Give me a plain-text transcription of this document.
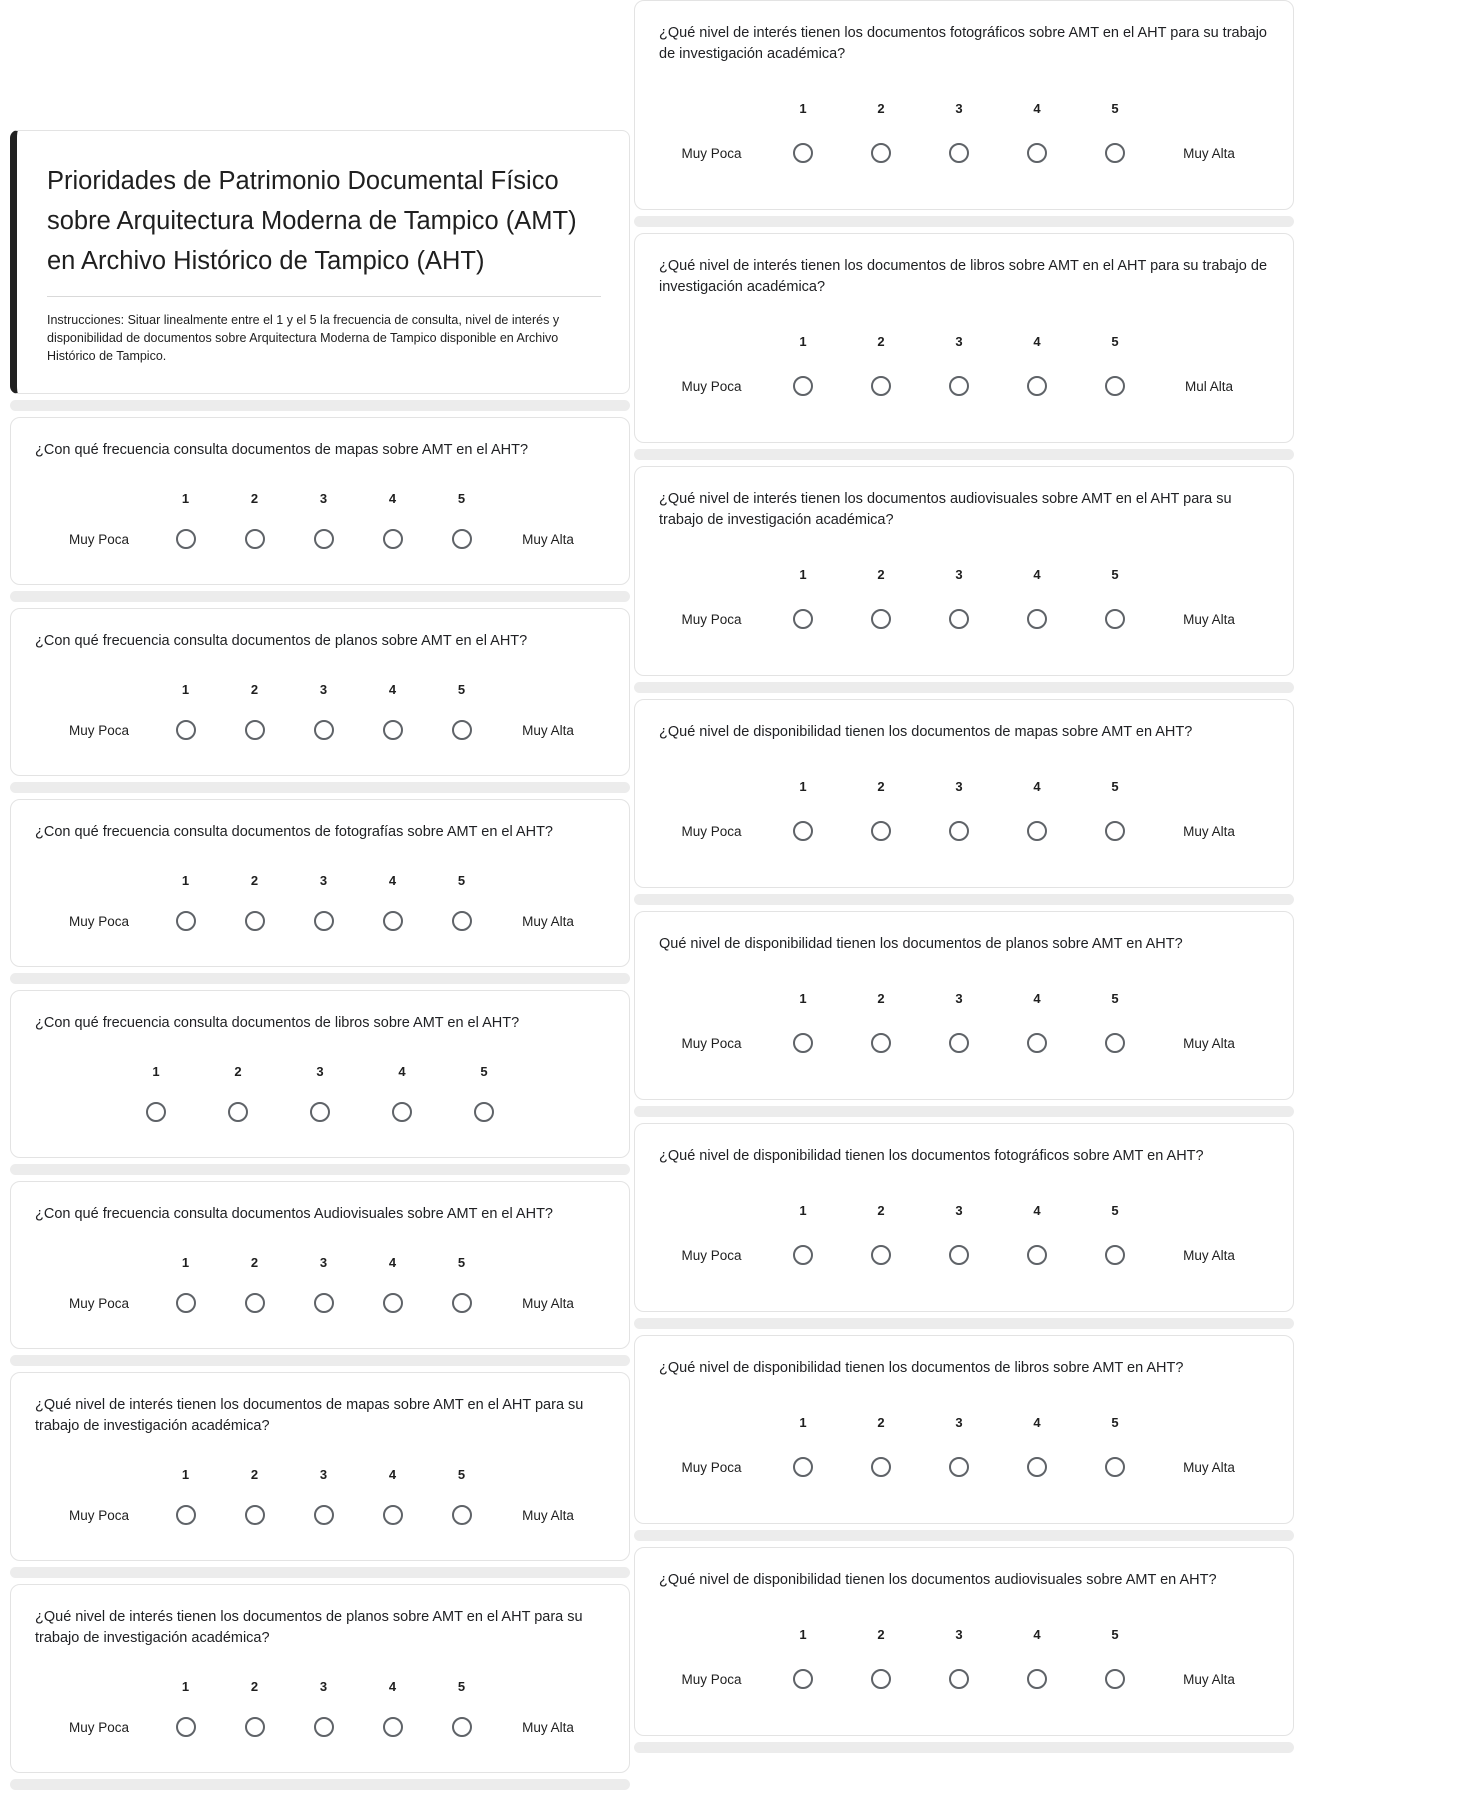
Prioridades de Patrimonio Documental Físico
sobre Arquitectura Moderna de Tampico (AMT)
en Archivo Histórico de Tampico (AHT)

Instrucciones: Situar linealmente entre el 1 y el 5 la frecuencia de consulta, nivel de interés y disponibilidad de documentos sobre Arquitectura Moderna de Tampico disponible en Archivo Histórico de Tampico.

¿Con qué frecuencia consulta documentos de mapas sobre AMT en el AHT?
1	2	3	4	5
Muy Poca	Muy Alta
¿Con qué frecuencia consulta documentos de planos sobre AMT en el AHT?
1	2	3	4	5
Muy Poca	Muy Alta
¿Con qué frecuencia consulta documentos de fotografías sobre AMT en el AHT?
1	2	3	4	5
Muy Poca	Muy Alta
¿Con qué frecuencia consulta documentos de libros sobre AMT en el AHT?
1	2	3	4	5
¿Con qué frecuencia consulta documentos Audiovisuales sobre AMT en el AHT?
1	2	3	4	5
Muy Poca	Muy Alta
¿Qué nivel de interés tienen los documentos de mapas sobre AMT en el AHT para su trabajo de investigación académica?
1	2	3	4	5
Muy Poca	Muy Alta
¿Qué nivel de interés tienen los documentos de planos sobre AMT en el AHT para su trabajo de investigación académica?
1	2	3	4	5
Muy Poca	Muy Alta
¿Qué nivel de interés tienen los documentos fotográficos sobre AMT en el AHT para su trabajo de investigación académica?
1	2	3	4	5
Muy Poca	Muy Alta
¿Qué nivel de interés tienen los documentos de libros sobre AMT en el AHT para su trabajo de investigación académica?
1	2	3	4	5
Muy Poca	Mul Alta
¿Qué nivel de interés tienen los documentos audiovisuales sobre AMT en el AHT para su trabajo de investigación académica?
1	2	3	4	5
Muy Poca	Muy Alta
¿Qué nivel de disponibilidad tienen los documentos de mapas sobre AMT en AHT?
1	2	3	4	5
Muy Poca	Muy Alta
Qué nivel de disponibilidad tienen los documentos de planos sobre AMT en AHT?
1	2	3	4	5
Muy Poca	Muy Alta
¿Qué nivel de disponibilidad tienen los documentos fotográficos sobre AMT en AHT?
1	2	3	4	5
Muy Poca	Muy Alta
¿Qué nivel de disponibilidad tienen los documentos de libros sobre AMT en AHT?
1	2	3	4	5
Muy Poca	Muy Alta
¿Qué nivel de disponibilidad tienen los documentos audiovisuales sobre AMT en AHT?
1	2	3	4	5
Muy Poca	Muy Alta
